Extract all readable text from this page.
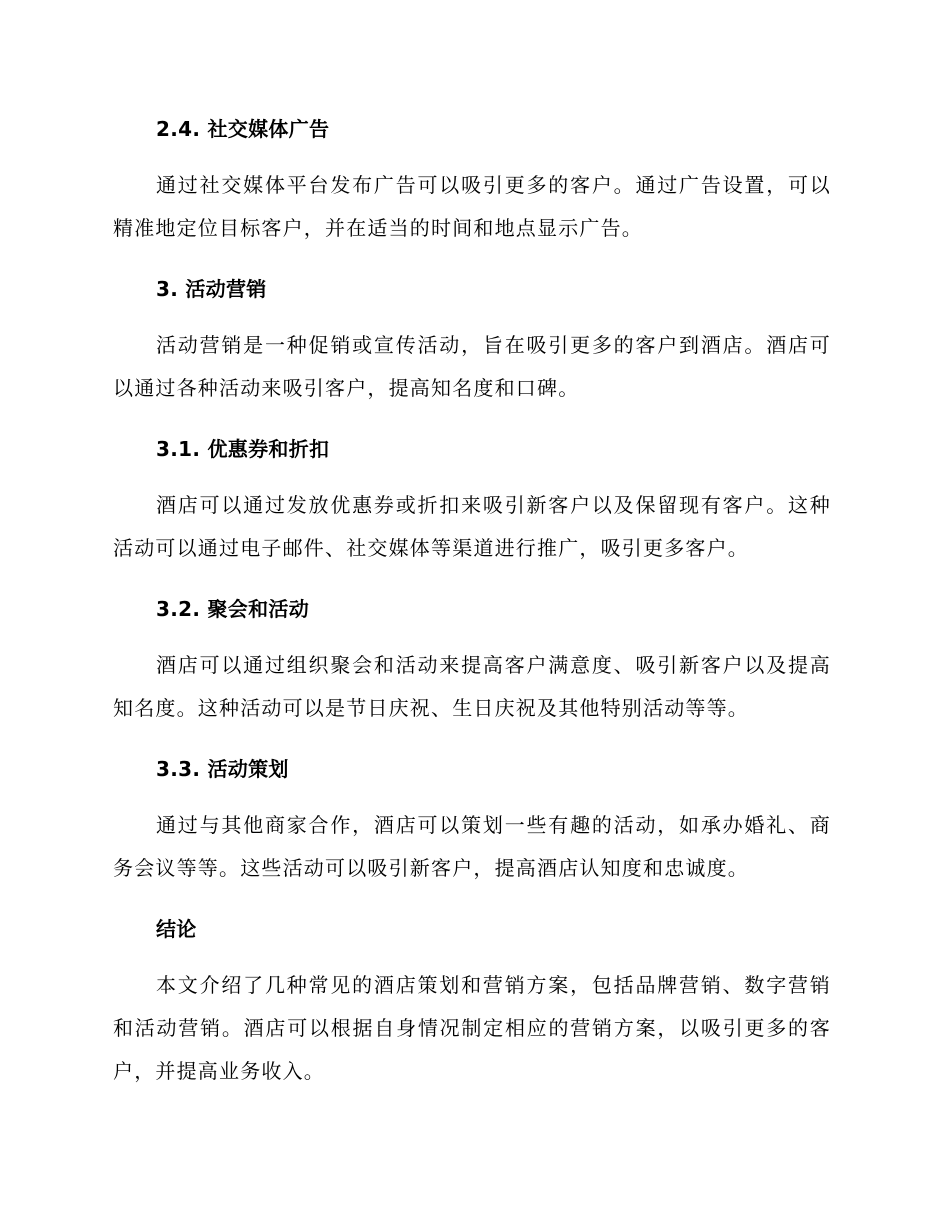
2.4. 社交媒体广告

通过社交媒体平台发布广告可以吸引更多的客户。通过广告设置，可以精准地定位目标客户，并在适当的时间和地点显示广告。

3. 活动营销

活动营销是一种促销或宣传活动，旨在吸引更多的客户到酒店。酒店可以通过各种活动来吸引客户，提高知名度和口碑。

3.1. 优惠券和折扣

酒店可以通过发放优惠券或折扣来吸引新客户以及保留现有客户。这种活动可以通过电子邮件、社交媒体等渠道进行推广，吸引更多客户。

3.2. 聚会和活动

酒店可以通过组织聚会和活动来提高客户满意度、吸引新客户以及提高知名度。这种活动可以是节日庆祝、生日庆祝及其他特别活动等等。

3.3. 活动策划

通过与其他商家合作，酒店可以策划一些有趣的活动，如承办婚礼、商务会议等等。这些活动可以吸引新客户，提高酒店认知度和忠诚度。

结论

本文介绍了几种常见的酒店策划和营销方案，包括品牌营销、数字营销和活动营销。酒店可以根据自身情况制定相应的营销方案，以吸引更多的客户，并提高业务收入。
